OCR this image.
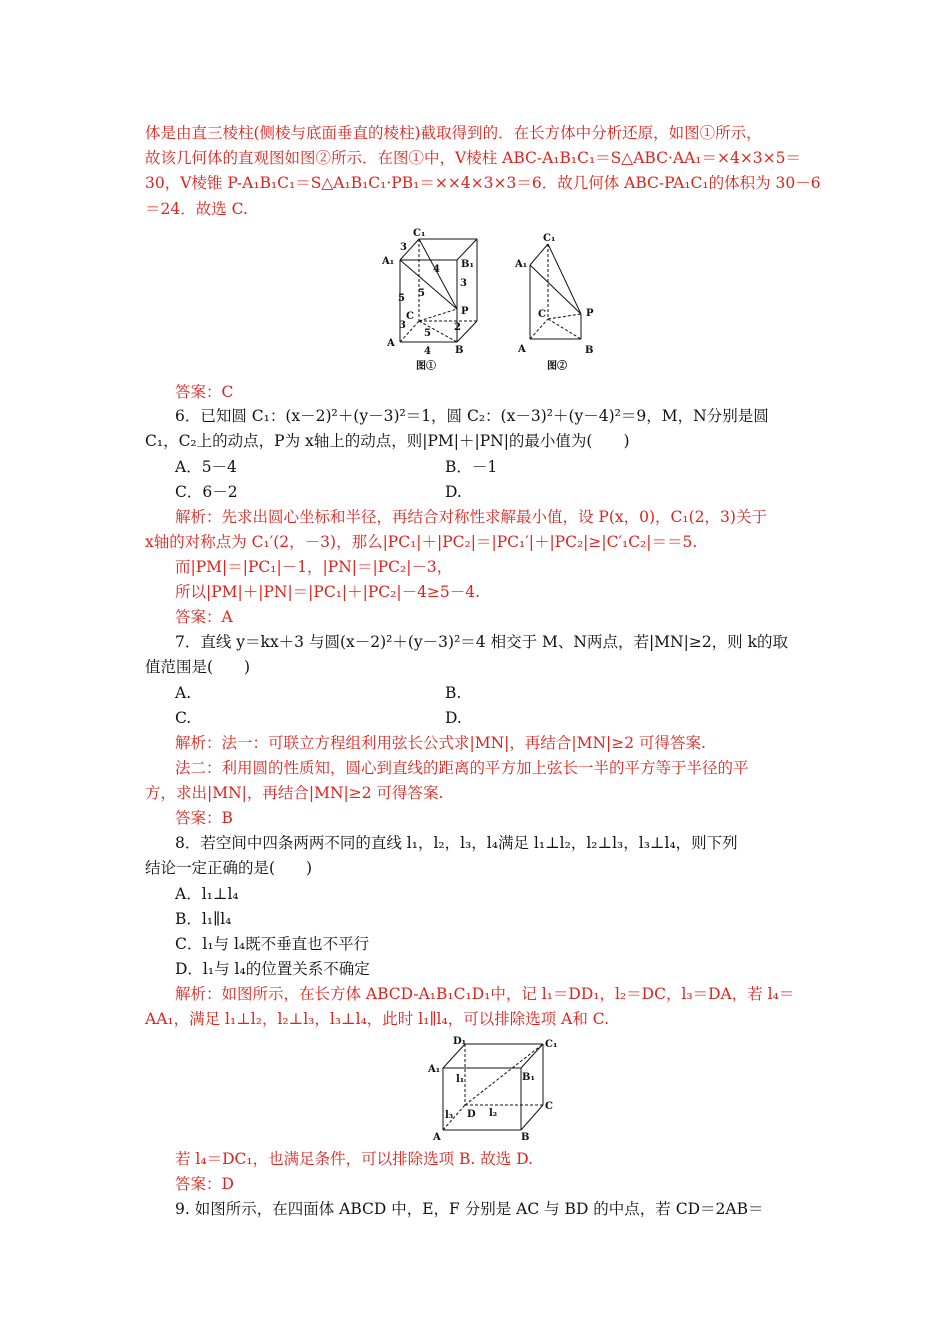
体是由直三棱柱(侧棱与底面垂直的棱柱)截取得到的．在长方体中分析还原，如图①所示，
故该几何体的直观图如图②所示．在图①中，V棱柱 ABC-A₁B₁C₁＝S△ABC·AA₁＝×4×3×5＝
30，V棱锥 P-A₁B₁C₁＝S△A₁B₁C₁·PB₁＝××4×3×3＝6．故几何体 ABC-PA₁C₁的体积为 30－6
＝24．故选 C.
C₁
A₁	B₁
C
A
B
P
3
4
5 5
3
3
5
2
4
图①
C₁
A₁
C	P
A	B
图②
答案：C
6．已知圆 C₁：(x－2)²＋(y－3)²＝1，圆 C₂：(x－3)²＋(y－4)²＝9，M，N分别是圆
C₁，C₂上的动点，P为 x轴上的动点，则|PM|＋|PN|的最小值为(　　)
A．5－4	B．－1
C．6－2	D.
解析：先求出圆心坐标和半径，再结合对称性求解最小值，设 P(x，0)，C₁(2，3)关于
x轴的对称点为 C₁′(2，－3)，那么|PC₁|＋|PC₂|＝|PC₁′|＋|PC₂|≥|C′₁C₂|＝＝5.
而|PM|＝|PC₁|－1，|PN|＝|PC₂|－3，
所以|PM|＋|PN|＝|PC₁|＋|PC₂|－4≥5－4.
答案：A
7．直线 y＝kx＋3 与圆(x－2)²＋(y－3)²＝4 相交于 M、N两点，若|MN|≥2，则 k的取
值范围是(　　)
A.	B.
C.	D.
解析：法一：可联立方程组利用弦长公式求|MN|，再结合|MN|≥2 可得答案.
法二：利用圆的性质知，圆心到直线的距离的平方加上弦长一半的平方等于半径的平
方，求出|MN|，再结合|MN|≥2 可得答案.
答案：B
8．若空间中四条两两不同的直线 l₁，l₂，l₃，l₄满足 l₁⊥l₂，l₂⊥l₃，l₃⊥l₄，则下列
结论一定正确的是(　　)
A．l₁⊥l₄
B．l₁∥l₄
C．l₁与 l₄既不垂直也不平行
D．l₁与 l₄的位置关系不确定
解析：如图所示，在长方体 ABCD-A₁B₁C₁D₁中，记 l₁＝DD₁，l₂＝DC，l₃＝DA，若 l₄＝
AA₁，满足 l₁⊥l₂，l₂⊥l₃，l₃⊥l₄，此时 l₁∥l₄，可以排除选项 A和 C.
D₁	C₁
A₁
B₁
l₁
l₂
l₃ D
C
A	B
若 l₄＝DC₁，也满足条件，可以排除选项 B. 故选 D.
答案：D
9. 如图所示，在四面体 ABCD 中，E，F 分别是 AC 与 BD 的中点，若 CD＝2AB＝
